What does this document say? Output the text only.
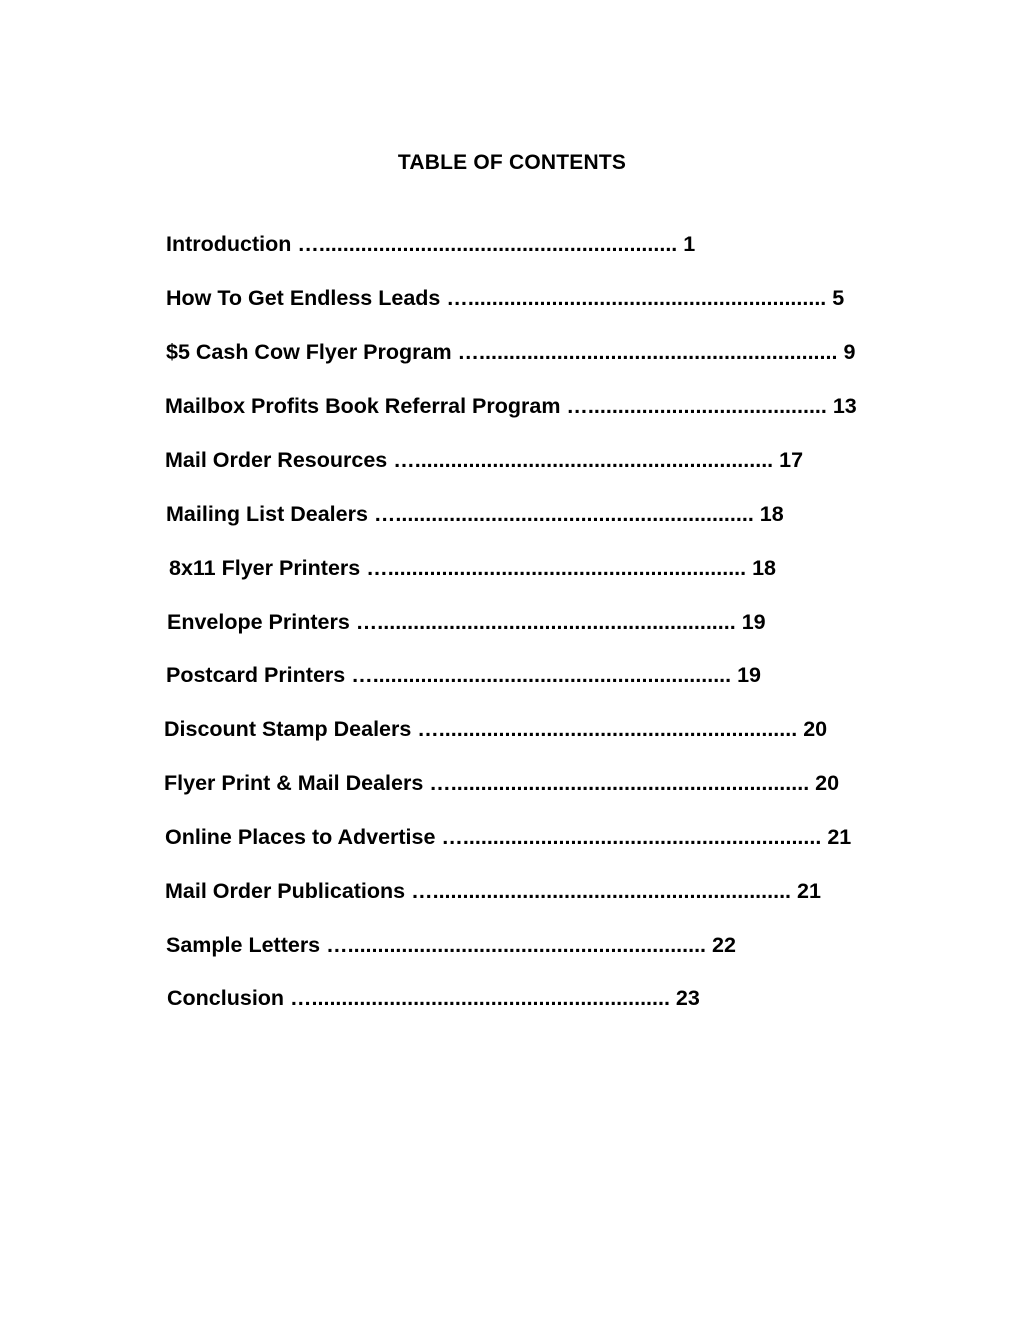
TABLE OF CONTENTS
Introduction …............................................................ 1
How To Get Endless Leads …............................................................ 5
$5 Cash Cow Flyer Program …............................................................ 9
Mailbox Profits Book Referral Program …........................................ 13
Mail Order Resources …............................................................ 17
Mailing List Dealers …............................................................ 18
8x11 Flyer Printers …............................................................ 18
Envelope Printers …............................................................ 19
Postcard Printers …............................................................ 19
Discount Stamp Dealers …............................................................ 20
Flyer Print & Mail Dealers …............................................................ 20
Online Places to Advertise …............................................................ 21
Mail Order Publications …............................................................ 21
Sample Letters …............................................................ 22
Conclusion …............................................................ 23
